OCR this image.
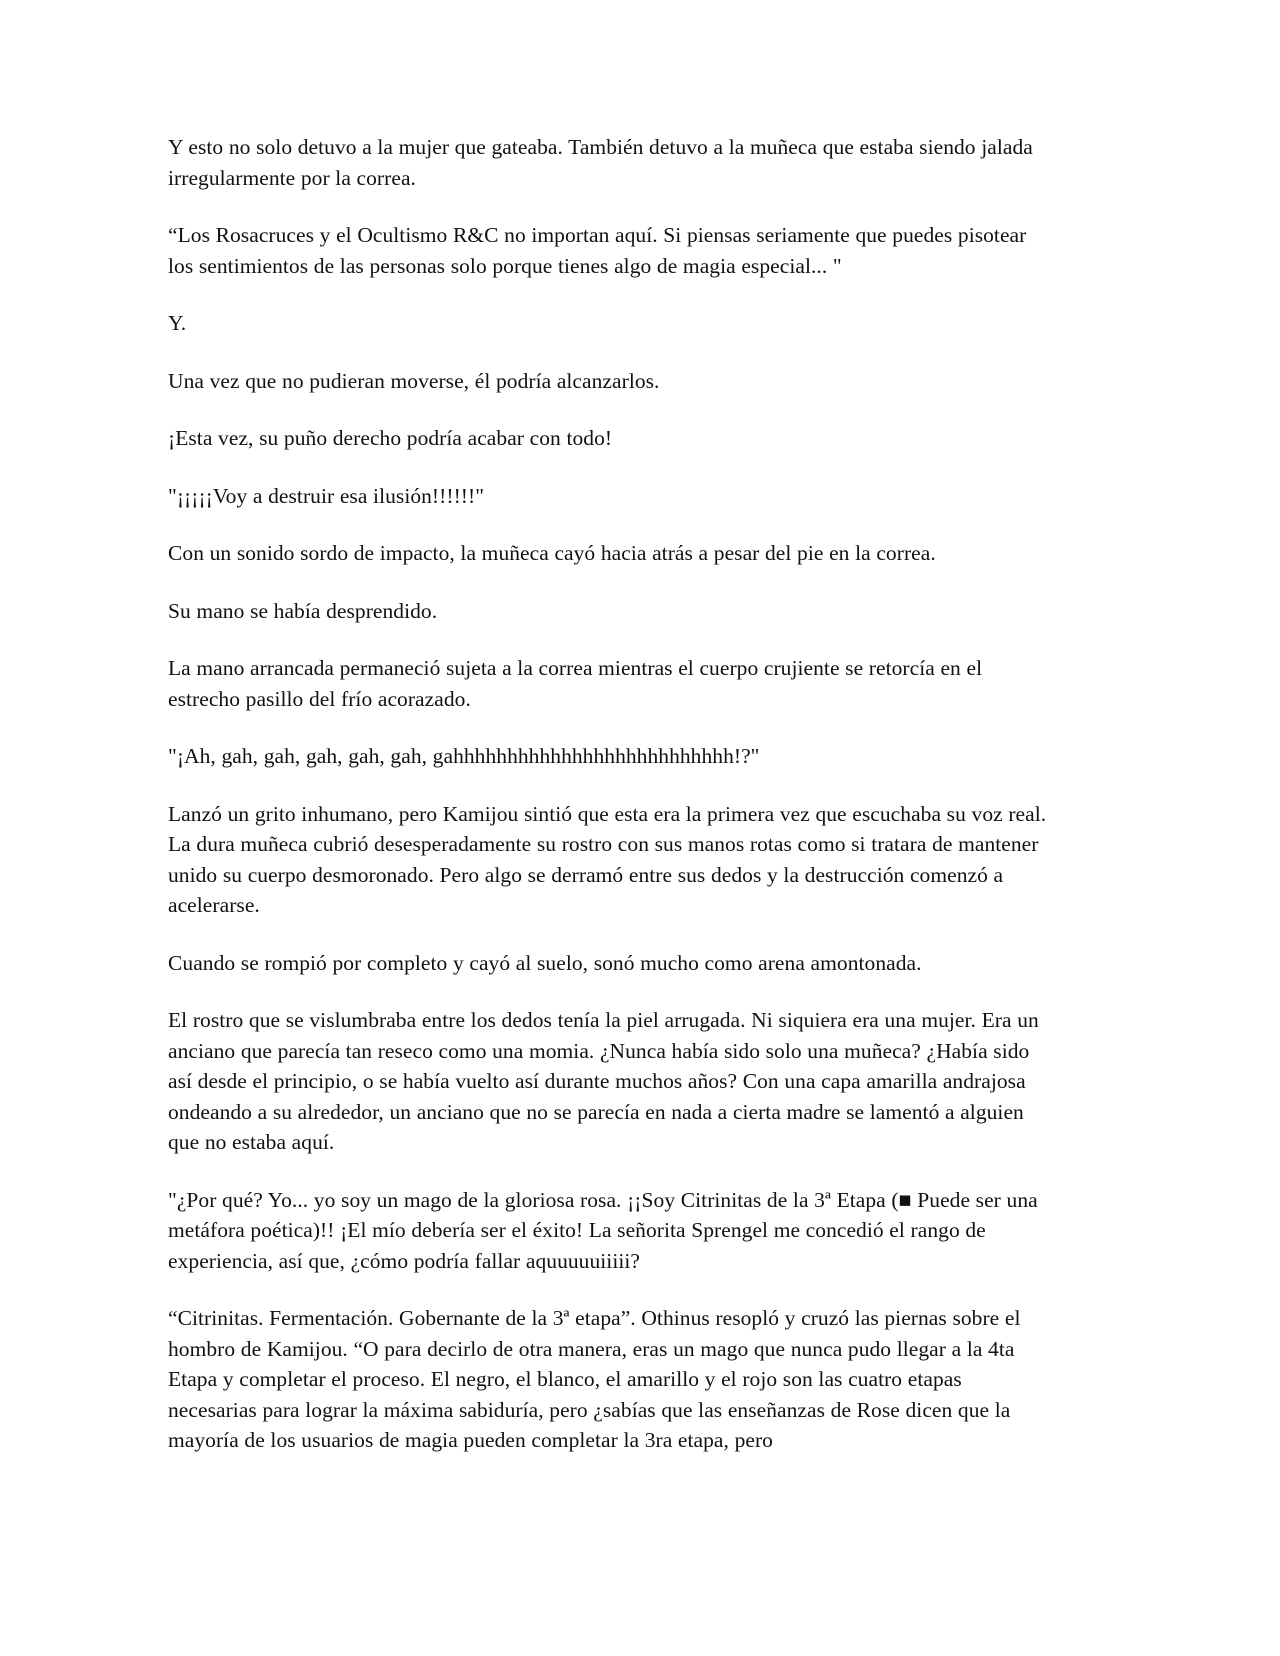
Y esto no solo detuvo a la mujer que gateaba. También detuvo a la muñeca que estaba siendo jalada irregularmente por la correa.

“Los Rosacruces y el Ocultismo R&C no importan aquí. Si piensas seriamente que puedes pisotear los sentimientos de las personas solo porque tienes algo de magia especial... "

Y.

Una vez que no pudieran moverse, él podría alcanzarlos.

¡Esta vez, su puño derecho podría acabar con todo!

"¡¡¡¡¡Voy a destruir esa ilusión!!!!!!"

Con un sonido sordo de impacto, la muñeca cayó hacia atrás a pesar del pie en la correa.

Su mano se había desprendido.

La mano arrancada permaneció sujeta a la correa mientras el cuerpo crujiente se retorcía en el estrecho pasillo del frío acorazado.

"¡Ah, gah, gah, gah, gah, gah, gahhhhhhhhhhhhhhhhhhhhhhhhhh!?"

Lanzó un grito inhumano, pero Kamijou sintió que esta era la primera vez que escuchaba su voz real. La dura muñeca cubrió desesperadamente su rostro con sus manos rotas como si tratara de mantener unido su cuerpo desmoronado. Pero algo se derramó entre sus dedos y la destrucción comenzó a acelerarse.

Cuando se rompió por completo y cayó al suelo, sonó mucho como arena amontonada.

El rostro que se vislumbraba entre los dedos tenía la piel arrugada. Ni siquiera era una mujer. Era un anciano que parecía tan reseco como una momia. ¿Nunca había sido solo una muñeca? ¿Había sido así desde el principio, o se había vuelto así durante muchos años? Con una capa amarilla andrajosa ondeando a su alrededor, un anciano que no se parecía en nada a cierta madre se lamentó a alguien que no estaba aquí.

"¿Por qué? Yo... yo soy un mago de la gloriosa rosa. ¡¡Soy Citrinitas de la 3ª Etapa (■ Puede ser una metáfora poética)!! ¡El mío debería ser el éxito! La señorita Sprengel me concedió el rango de experiencia, así que, ¿cómo podría fallar aquuuuuiiiii?

“Citrinitas. Fermentación. Gobernante de la 3ª etapa”. Othinus resopló y cruzó las piernas sobre el hombro de Kamijou. “O para decirlo de otra manera, eras un mago que nunca pudo llegar a la 4ta Etapa y completar el proceso. El negro, el blanco, el amarillo y el rojo son las cuatro etapas necesarias para lograr la máxima sabiduría, pero ¿sabías que las enseñanzas de Rose dicen que la mayoría de los usuarios de magia pueden completar la 3ra etapa, pero
